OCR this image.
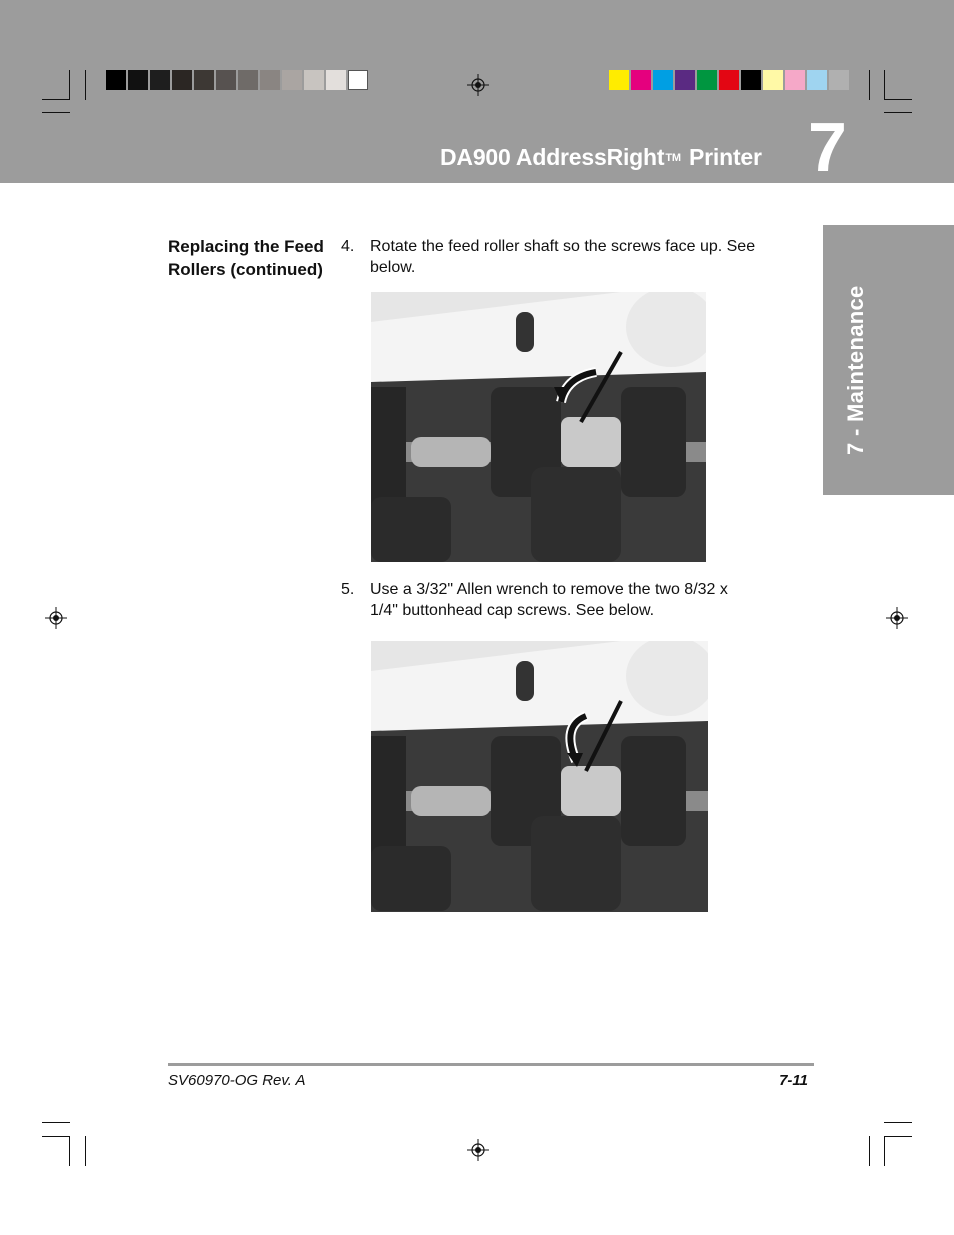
DA900 AddressRightTM Printer 7
7 - Maintenance
Replacing the Feed Rollers (continued)
4. Rotate the feed roller shaft so the screws face up. See below.
5. Use a 3/32" Allen wrench to remove the two 8/32 x 1/4" buttonhead cap screws. See below.
SV60970-OG Rev. A	7-11
